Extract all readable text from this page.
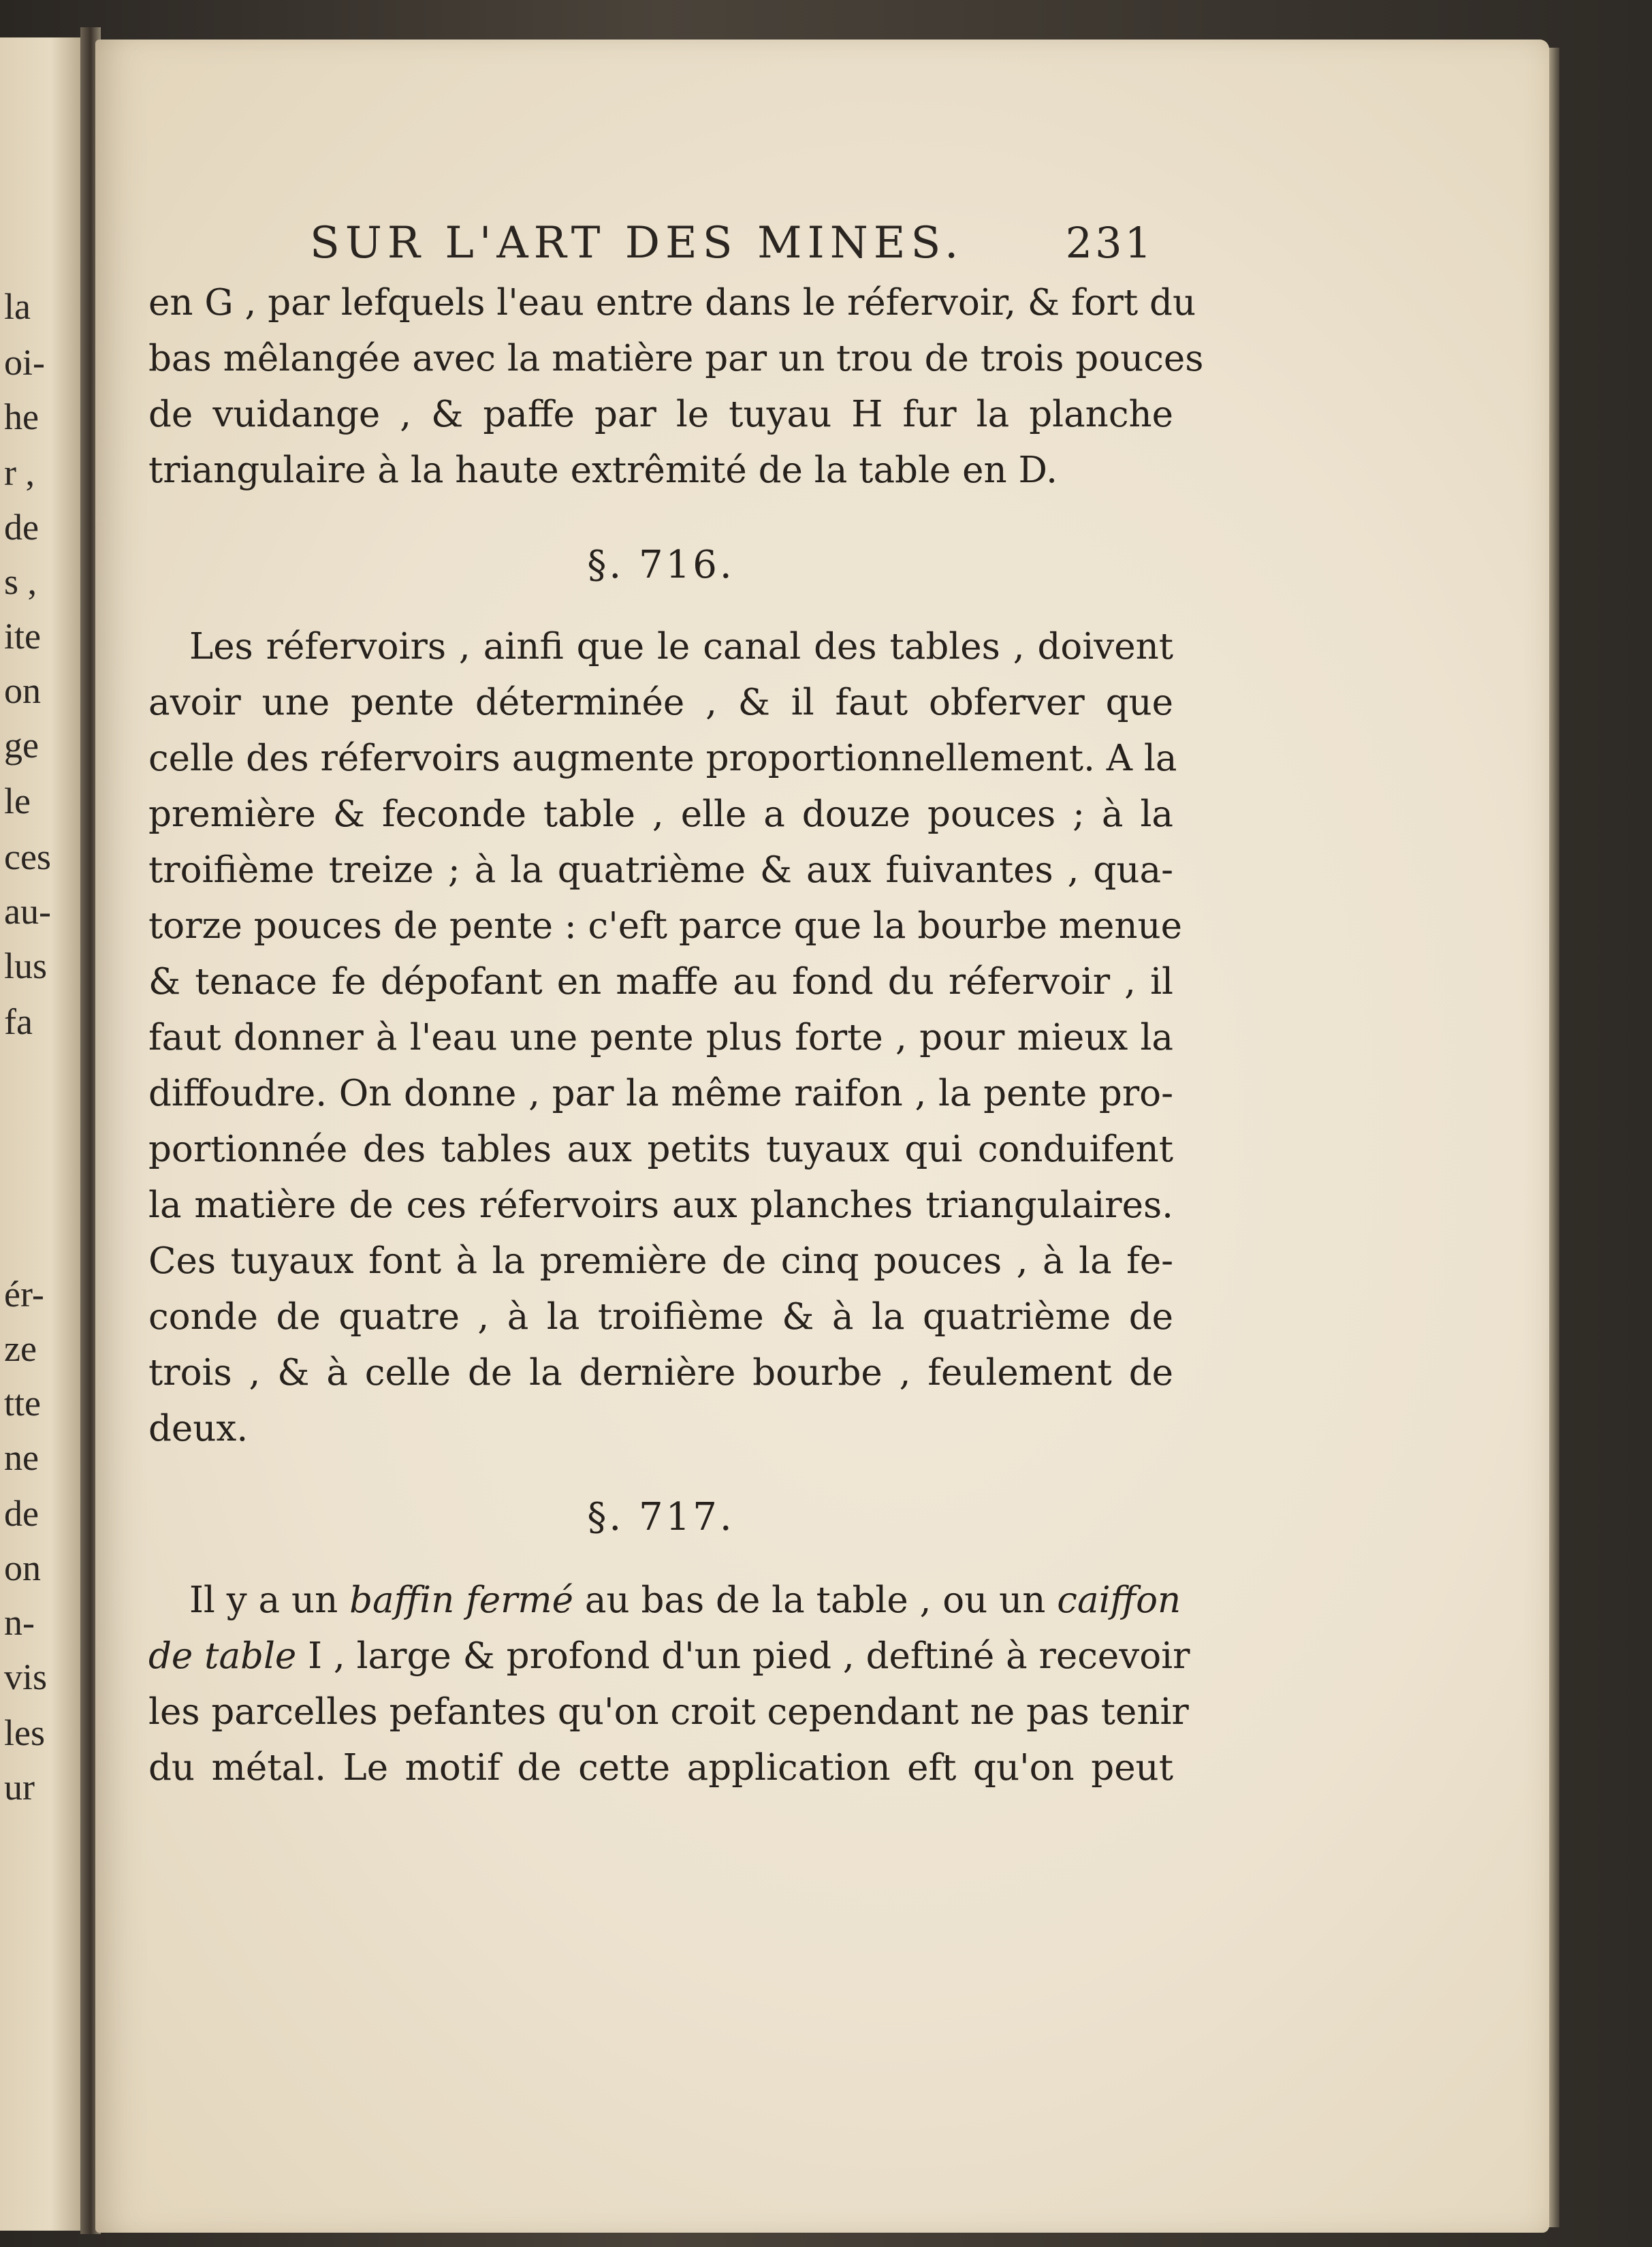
la
oi-
he
r ,
de
s ,
ite
on
ge
le
ces
au-
lus
fa
ér-
ze
tte
ne
de
on
n-
vis
les
ur
SUR L'ART DES MINES. 231
en G , par lefquels l'eau entre dans le réfervoir, & fort du
bas mêlangée avec la matière par un trou de trois pouces
de vuidange , & paffe par le tuyau H fur la planche
triangulaire à la haute extrêmité de la table en D.
§. 716.
Les réfervoirs , ainfi que le canal des tables , doivent
avoir une pente déterminée , & il faut obferver que
celle des réfervoirs augmente proportionnellement. A la
première & feconde table , elle a douze pouces ; à la
troifième treize ; à la quatrième & aux fuivantes , qua-
torze pouces de pente : c'eft parce que la bourbe menue
& tenace fe dépofant en maffe au fond du réfervoir , il
faut donner à l'eau une pente plus forte , pour mieux la
diffoudre. On donne , par la même raifon , la pente pro-
portionnée des tables aux petits tuyaux qui conduifent
la matière de ces réfervoirs aux planches triangulaires.
Ces tuyaux font à la première de cinq pouces , à la fe-
conde de quatre , à la troifième & à la quatrième de
trois , & à celle de la dernière bourbe , feulement de
deux.
§. 717.
Il y a un baffin fermé au bas de la table , ou un caiffon
de table I , large & profond d'un pied , deftiné à recevoir
les parcelles pefantes qu'on croit cependant ne pas tenir
du métal. Le motif de cette application eft qu'on peut
